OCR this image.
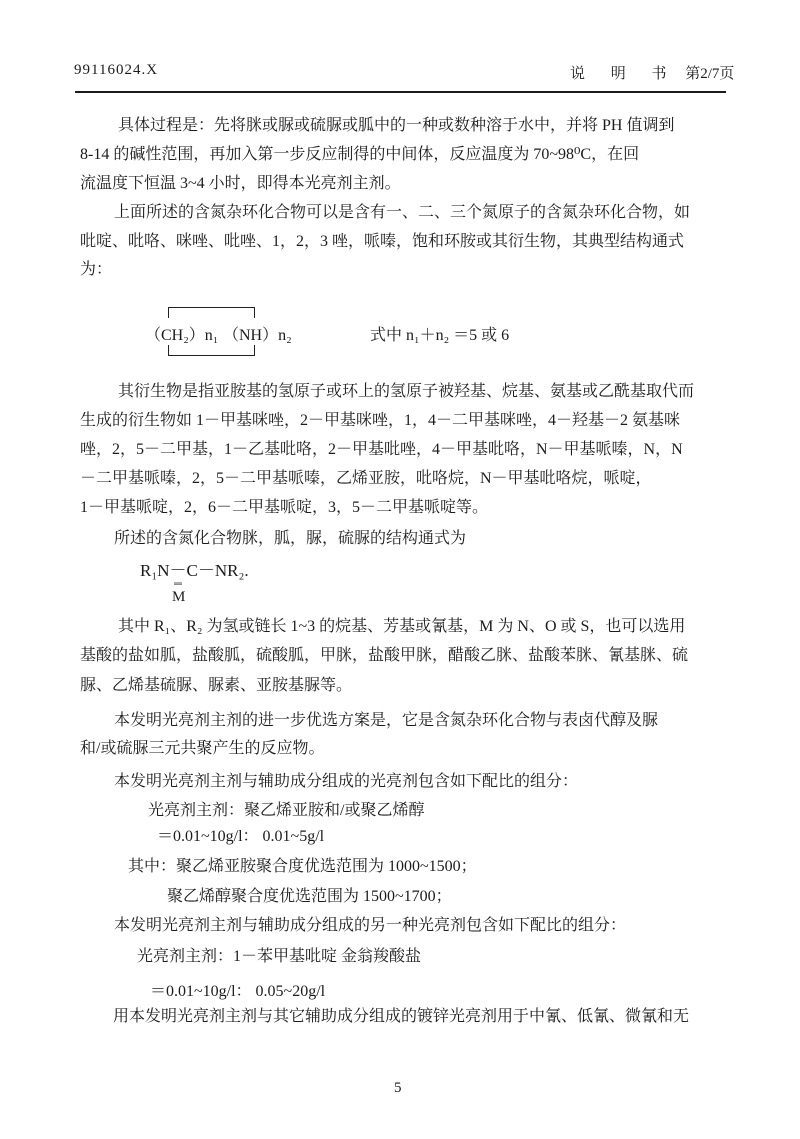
99116024.X	说 明 书 第2/7页
具体过程是：先将脒或脲或硫脲或胍中的一种或数种溶于水中，并将 PH 值调到
8-14 的碱性范围，再加入第一步反应制得的中间体，反应温度为 70~98⁰C，在回
流温度下恒温 3~4 小时，即得本光亮剂主剂。
上面所述的含氮杂环化合物可以是含有一、二、三个氮原子的含氮杂环化合物，如
吡啶、吡咯、咪唑、吡唑、1，2，3 唑，哌嗪，饱和环胺或其衍生物，其典型结构通式
为：
（CH₂）n₁ （NH）n₂	式中 n₁＋n₂ ＝5 或 6
其衍生物是指亚胺基的氢原子或环上的氢原子被羟基、烷基、氨基或乙酰基取代而
生成的衍生物如 1－甲基咪唑，2－甲基咪唑，1，4－二甲基咪唑，4－羟基－2 氨基咪
唑，2，5－二甲基，1－乙基吡咯，2－甲基吡唑，4－甲基吡咯，N－甲基哌嗪，N，N
－二甲基哌嗪，2，5－二甲基哌嗪，乙烯亚胺，吡咯烷，N－甲基吡咯烷，哌啶，
1－甲基哌啶，2，6－二甲基哌啶，3，5－二甲基哌啶等。
所述的含氮化合物脒，胍，脲，硫脲的结构通式为
R₁N－C－NR₂.
‖
M
其中 R₁、R₂ 为氢或链长 1~3 的烷基、芳基或氰基，M 为 N、O 或 S，也可以选用
基酸的盐如胍，盐酸胍，硫酸胍，甲脒，盐酸甲脒，醋酸乙脒、盐酸苯脒、氰基脒、硫
脲、乙烯基硫脲、脲素、亚胺基脲等。
本发明光亮剂主剂的进一步优选方案是，它是含氮杂环化合物与表卤代醇及脲
和/或硫脲三元共聚产生的反应物。
本发明光亮剂主剂与辅助成分组成的光亮剂包含如下配比的组分：
光亮剂主剂：聚乙烯亚胺和/或聚乙烯醇
＝0.01~10g/l： 0.01~5g/l
其中：聚乙烯亚胺聚合度优选范围为 1000~1500；
聚乙烯醇聚合度优选范围为 1500~1700；
本发明光亮剂主剂与辅助成分组成的另一种光亮剂包含如下配比的组分：
光亮剂主剂：1－苯甲基吡啶 金翁羧酸盐
＝0.01~10g/l： 0.05~20g/l
用本发明光亮剂主剂与其它辅助成分组成的镀锌光亮剂用于中氰、低氰、微氰和无
5
